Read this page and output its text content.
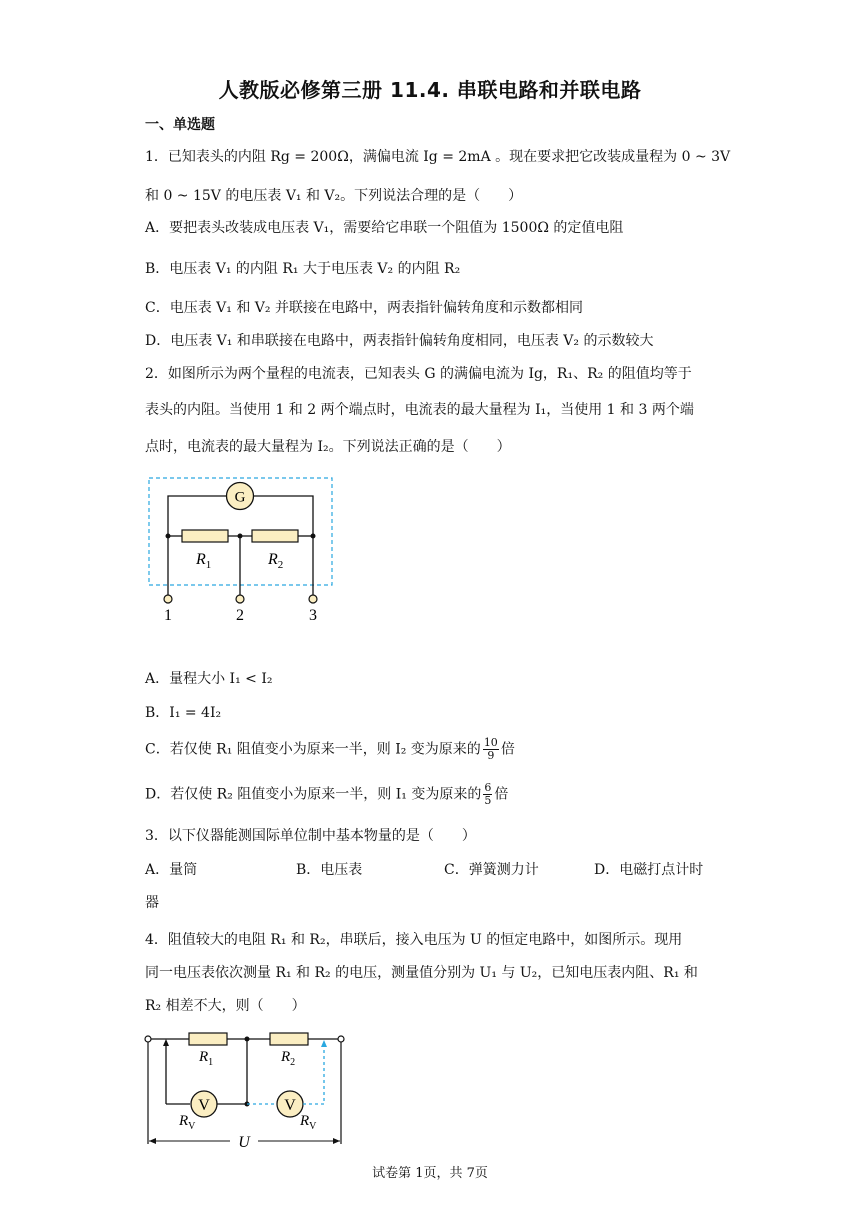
人教版必修第三册 11.4. 串联电路和并联电路
一、单选题
1．已知表头的内阻 Rg = 200Ω，满偏电流 Ig = 2mA 。现在要求把它改装成量程为 0 ~ 3V
和 0 ~ 15V 的电压表 V₁ 和 V₂。下列说法合理的是（　　）
A．要把表头改装成电压表 V₁，需要给它串联一个阻值为 1500Ω 的定值电阻
B．电压表 V₁ 的内阻 R₁ 大于电压表 V₂ 的内阻 R₂
C．电压表 V₁ 和 V₂ 并联接在电路中，两表指针偏转角度和示数都相同
D．电压表 V₁ 和串联接在电路中，两表指针偏转角度相同，电压表 V₂ 的示数较大
2．如图所示为两个量程的电流表，已知表头 G 的满偏电流为 Ig，R₁、R₂ 的阻值均等于
表头的内阻。当使用 1 和 2 两个端点时，电流表的最大量程为 I₁，当使用 1 和 3 两个端
点时，电流表的最大量程为 I₂。下列说法正确的是（　　）
G
$R_1$	$R_2$
1	2	3
A．量程大小 I₁ < I₂
B．I₁ = 4I₂
C．若仅使 R₁ 阻值变小为原来一半，则 I₂ 变为原来的 $\frac{10}{9}$ 倍
D．若仅使 R₂ 阻值变小为原来一半，则 I₁ 变为原来的 $\frac{6}{5}$ 倍
3．以下仪器能测国际单位制中基本物量的是（　　）
A．量筒	B．电压表	C．弹簧测力计	D．电磁打点计时
器
4．阻值较大的电阻 R₁ 和 R₂，串联后，接入电压为 U 的恒定电路中，如图所示。现用
同一电压表依次测量 R₁ 和 R₂ 的电压，测量值分别为 U₁ 与 U₂，已知电压表内阻、R₁ 和
R₂ 相差不大，则（　　）
$R_1$	$R_2$
V
$R_V$
V
$R_V$
U
试卷第 1页，共 7页
